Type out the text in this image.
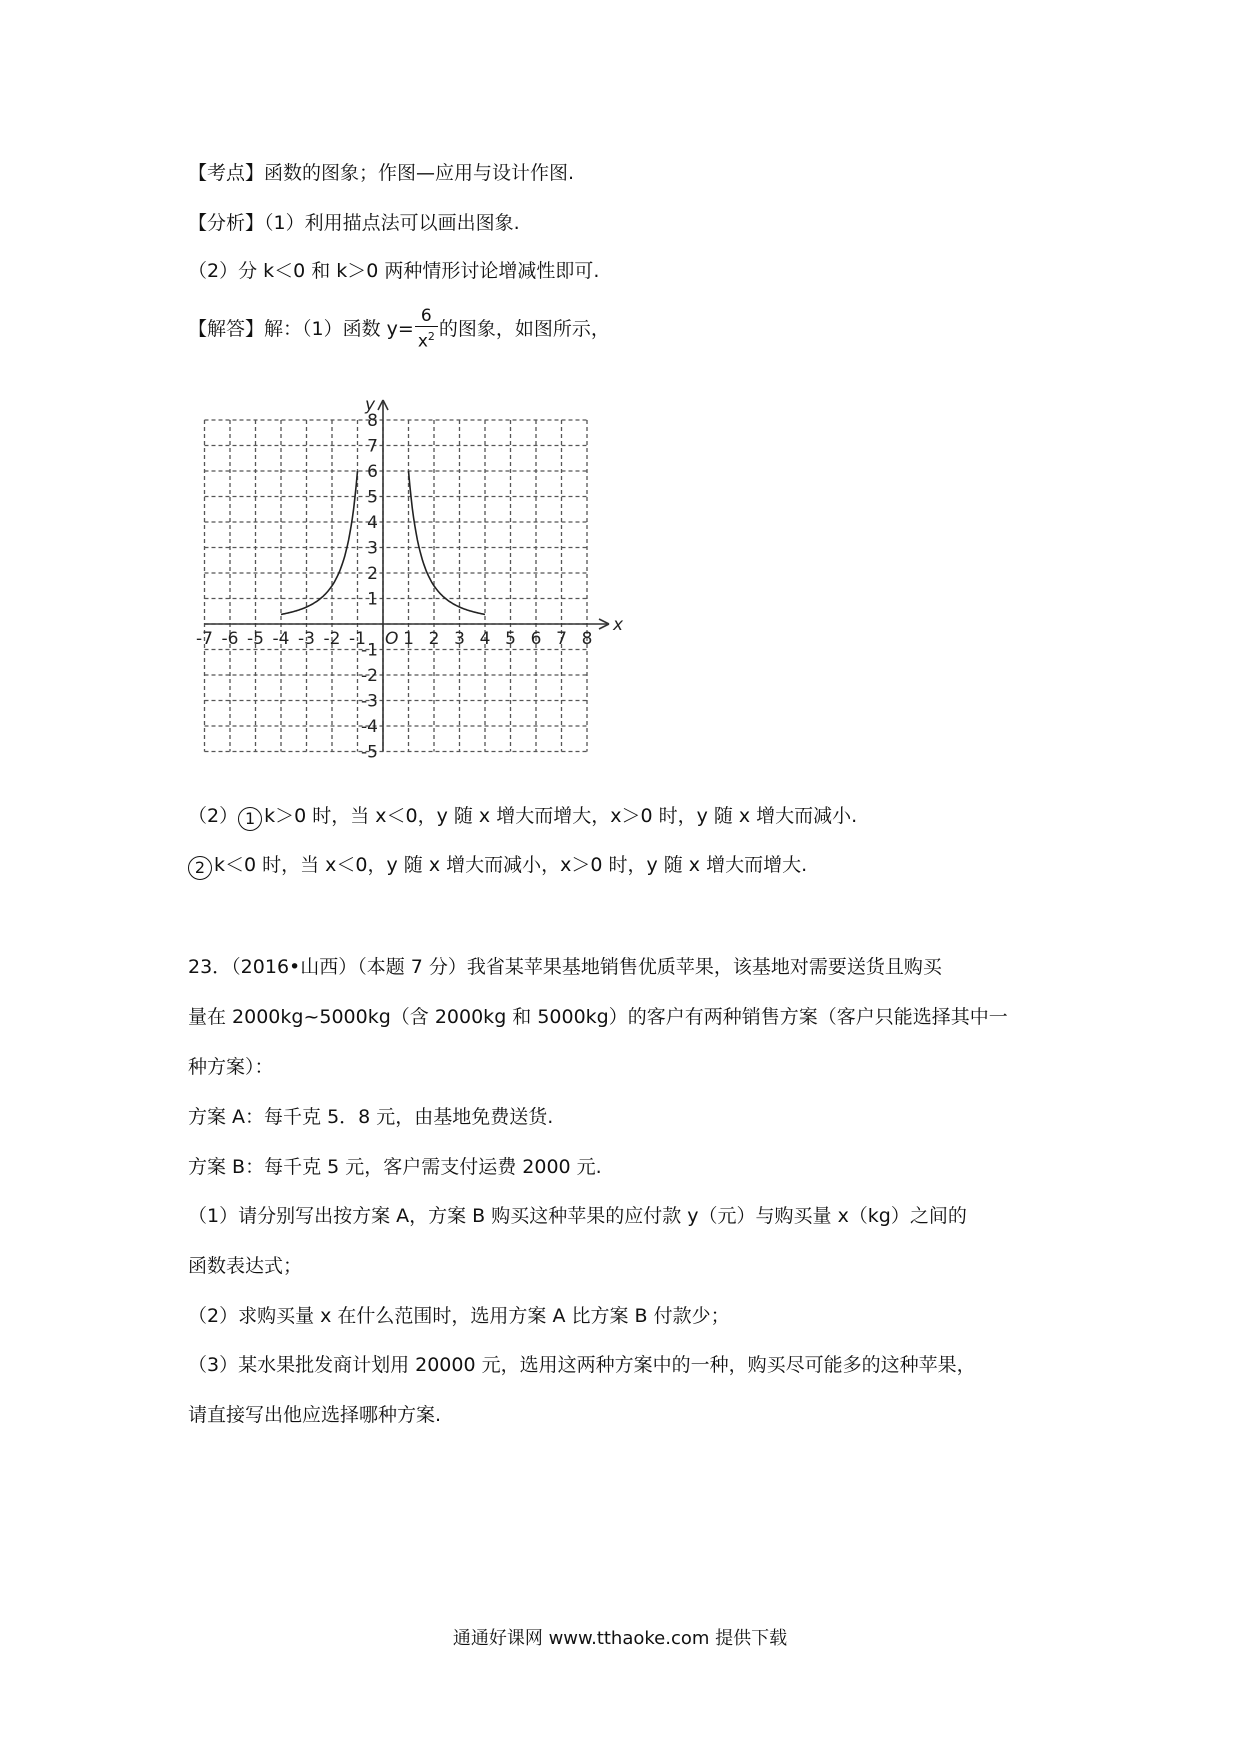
【考点】函数的图象；作图—应用与设计作图.
【分析】（1）利用描点法可以画出图象.
（2）分 k＜0 和 k＞0 两种情形讨论增减性即可.
【解答】解：（1）函数 $y= \frac{6}{x^2}$ 的图象，如图所示，
x
y
O
-7 -6 -5 -4 -3 -2 -1 1 2 3 4 5 6 7 8
8
7
6
5
4
3
2
1
-1
-2
-3
-4
-5
（2） 1 k＞0 时，当 x＜0，y 随 x 增大而增大，x＞0 时，y 随 x 增大而减小.
2 k＜0 时，当 x＜0，y 随 x 增大而减小，x＞0 时，y 随 x 增大而增大.
23．（2016•山西）（本题 7 分）我省某苹果基地销售优质苹果，该基地对需要送货且购买
量在 2000kg~5000kg（含 2000kg 和 5000kg）的客户有两种销售方案（客户只能选择其中一
种方案）：
方案 A：每千克 5．8 元，由基地免费送货.
方案 B：每千克 5 元，客户需支付运费 2000 元.
（1）请分别写出按方案 A，方案 B 购买这种苹果的应付款 y（元）与购买量 x（kg）之间的
函数表达式；
（2）求购买量 x 在什么范围时，选用方案 A 比方案 B 付款少；
（3）某水果批发商计划用 20000 元，选用这两种方案中的一种，购买尽可能多的这种苹果，
请直接写出他应选择哪种方案.
通通好课网 www.tthaoke.com 提供下载
